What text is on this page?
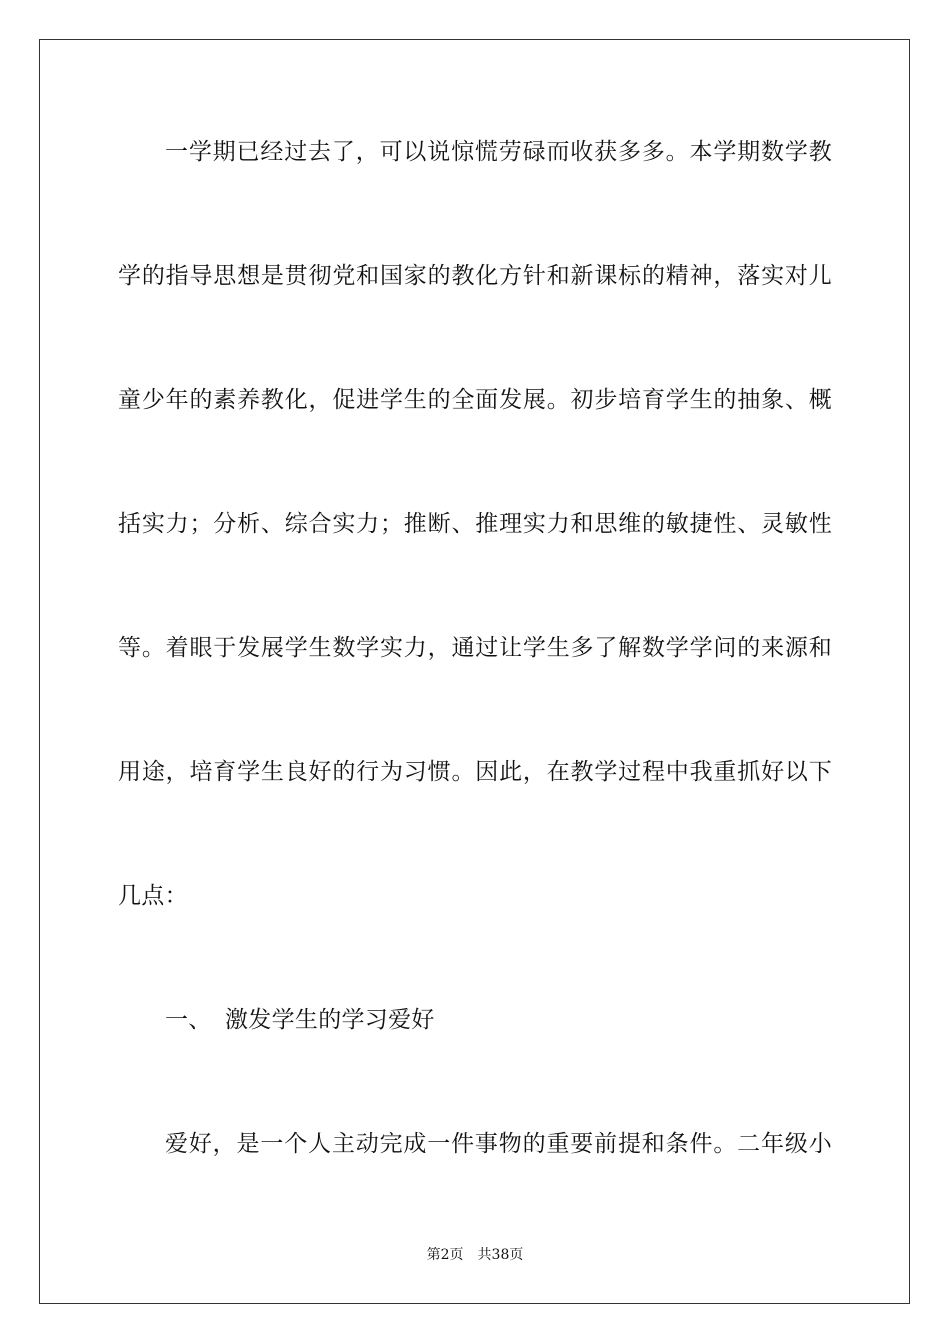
一学期已经过去了，可以说惊慌劳碌而收获多多。本学期数学教
学的指导思想是贯彻党和国家的教化方针和新课标的精神，落实对儿
童少年的素养教化，促进学生的全面发展。初步培育学生的抽象、概
括实力；分析、综合实力；推断、推理实力和思维的敏捷性、灵敏性
等。着眼于发展学生数学实力，通过让学生多了解数学学问的来源和
用途，培育学生良好的行为习惯。因此，在教学过程中我重抓好以下
几点：
一、 激发学生的学习爱好
爱好，是一个人主动完成一件事物的重要前提和条件。二年级小
第2页 共38页
